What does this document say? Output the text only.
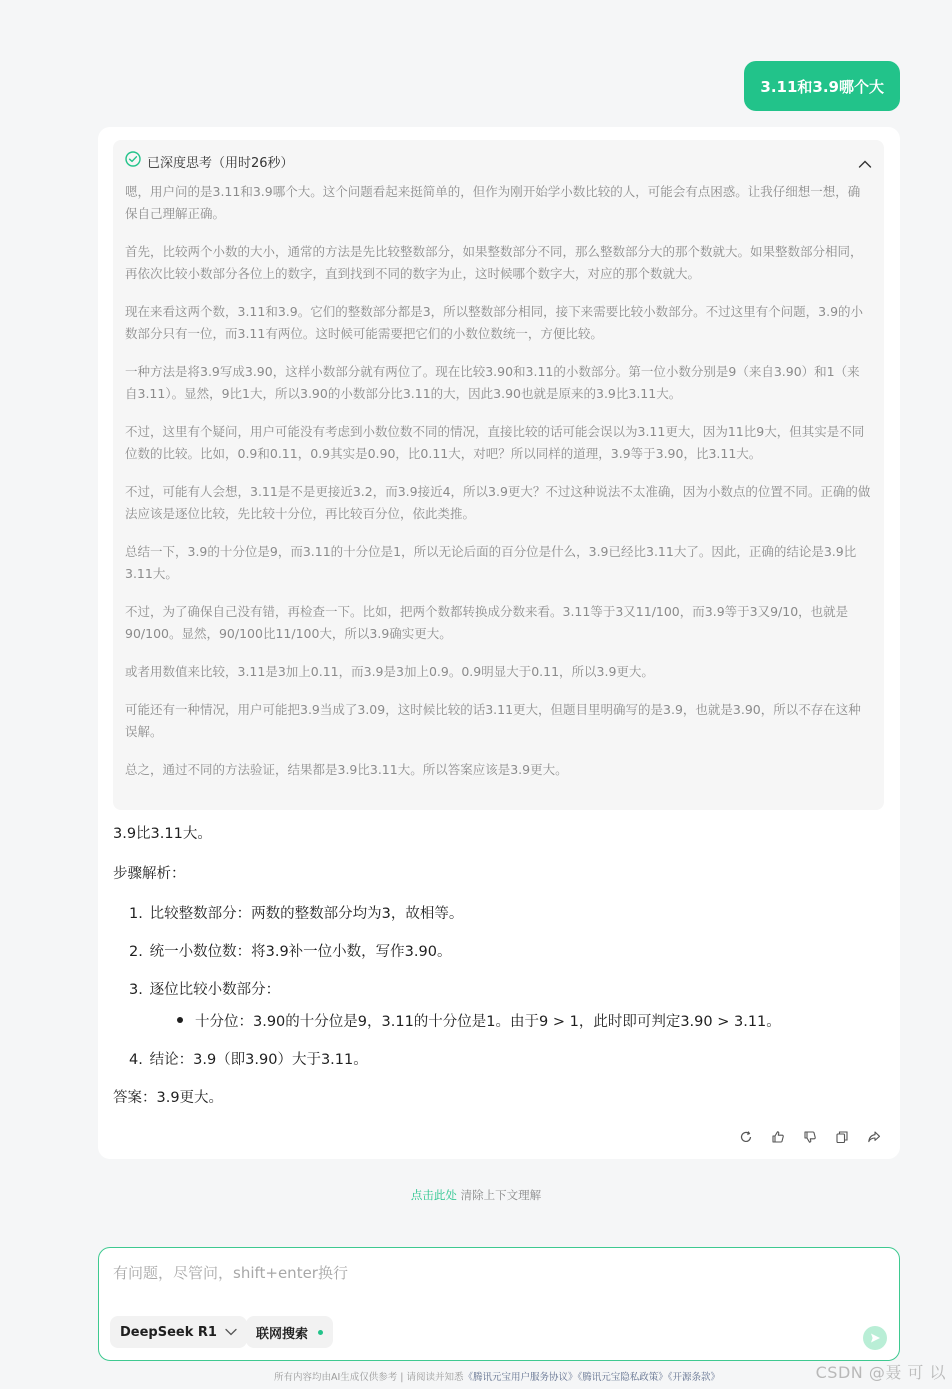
3.11和3.9哪个大
已深度思考（用时26秒）

嗯，用户问的是3.11和3.9哪个大。这个问题看起来挺简单的，但作为刚开始学小数比较的人，可能会有点困惑。让我仔细想一想，确保自己理解正确。

首先，比较两个小数的大小，通常的方法是先比较整数部分，如果整数部分不同，那么整数部分大的那个数就大。如果整数部分相同，再依次比较小数部分各位上的数字，直到找到不同的数字为止，这时候哪个数字大，对应的那个数就大。

现在来看这两个数，3.11和3.9。它们的整数部分都是3，所以整数部分相同，接下来需要比较小数部分。不过这里有个问题，3.9的小数部分只有一位，而3.11有两位。这时候可能需要把它们的小数位数统一，方便比较。

一种方法是将3.9写成3.90，这样小数部分就有两位了。现在比较3.90和3.11的小数部分。第一位小数分别是9（来自3.90）和1（来自3.11）。显然，9比1大，所以3.90的小数部分比3.11的大，因此3.90也就是原来的3.9比3.11大。

不过，这里有个疑问，用户可能没有考虑到小数位数不同的情况，直接比较的话可能会误以为3.11更大，因为11比9大，但其实是不同位数的比较。比如，0.9和0.11，0.9其实是0.90，比0.11大，对吧？所以同样的道理，3.9等于3.90，比3.11大。

不过，可能有人会想，3.11是不是更接近3.2，而3.9接近4，所以3.9更大？不过这种说法不太准确，因为小数点的位置不同。正确的做法应该是逐位比较，先比较十分位，再比较百分位，依此类推。

总结一下，3.9的十分位是9，而3.11的十分位是1，所以无论后面的百分位是什么，3.9已经比3.11大了。因此，正确的结论是3.9比3.11大。

不过，为了确保自己没有错，再检查一下。比如，把两个数都转换成分数来看。3.11等于3又11/100，而3.9等于3又9/10，也就是90/100。显然，90/100比11/100大，所以3.9确实更大。

或者用数值来比较，3.11是3加上0.11，而3.9是3加上0.9。0.9明显大于0.11，所以3.9更大。

可能还有一种情况，用户可能把3.9当成了3.09，这时候比较的话3.11更大，但题目里明确写的是3.9，也就是3.90，所以不存在这种误解。

总之，通过不同的方法验证，结果都是3.9比3.11大。所以答案应该是3.9更大。

3.9比3.11大。
步骤解析：
1. 比较整数部分：两数的整数部分均为3，故相等。
2. 统一小数位数：将3.9补一位小数，写作3.90。
3. 逐位比较小数部分：
十分位：3.90的十分位是9，3.11的十分位是1。由于9 > 1，此时即可判定3.90 > 3.11。
4. 结论：3.9（即3.90）大于3.11。
答案：3.9更大。
点击此处 清除上下文理解
有问题，尽管问，shift+enter换行
DeepSeek R1	联网搜索
所有内容均由AI生成仅供参考 | 请阅读并知悉《腾讯元宝用户服务协议》《腾讯元宝隐私政策》《开源条款》	CSDN @聂 可 以
